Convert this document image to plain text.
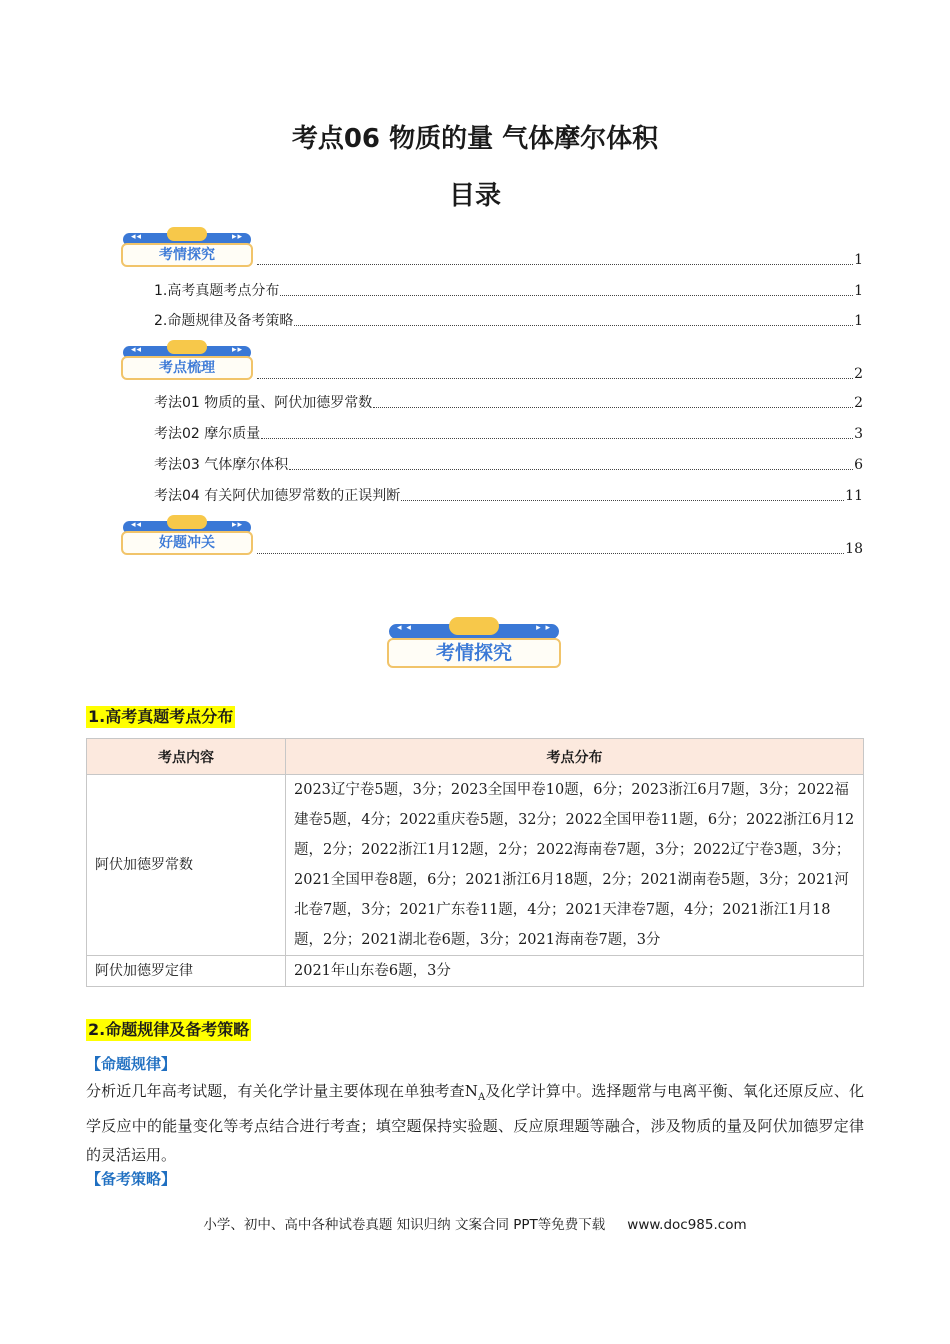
考点06 物质的量 气体摩尔体积
目录
◂◂	▸▸
考情探究	1
1.高考真题考点分布	1
2.命题规律及备考策略	1
◂◂	▸▸
考点梳理	2
考法01 物质的量、阿伏加德罗常数	2
考法02 摩尔质量	3
考法03 气体摩尔体积	6
考法04 有关阿伏加德罗常数的正误判断	11
◂◂	▸▸
好题冲关	18
◂ ◂	▸ ▸
考情探究
1.高考真题考点分布
考点内容	考点分布
阿伏加德罗常数	2023辽宁卷5题，3分；2023全国甲卷10题，6分；2023浙江6月7题，3分；2022福建卷5题，4分；2022重庆卷5题，32分；2022全国甲卷11题，6分；2022浙江6月12题，2分；2022浙江1月12题，2分；2022海南卷7题，3分；2022辽宁卷3题，3分；2021全国甲卷8题，6分；2021浙江6月18题，2分；2021湖南卷5题，3分；2021河北卷7题，3分；2021广东卷11题，4分；2021天津卷7题，4分；2021浙江1月18题，2分；2021湖北卷6题，3分；2021海南卷7题，3分
阿伏加德罗定律	2021年山东卷6题，3分
2.命题规律及备考策略
【命题规律】
分析近几年高考试题，有关化学计量主要体现在单独考查$N_A$及化学计算中。选择题常与电离平衡、氧化还原反应、化学反应中的能量变化等考点结合进行考查；填空题保持实验题、反应原理题等融合，涉及物质的量及阿伏加德罗定律的灵活运用。
【备考策略】
小学、初中、高中各种试卷真题 知识归纳 文案合同 PPT等免费下载 www.doc985.com
